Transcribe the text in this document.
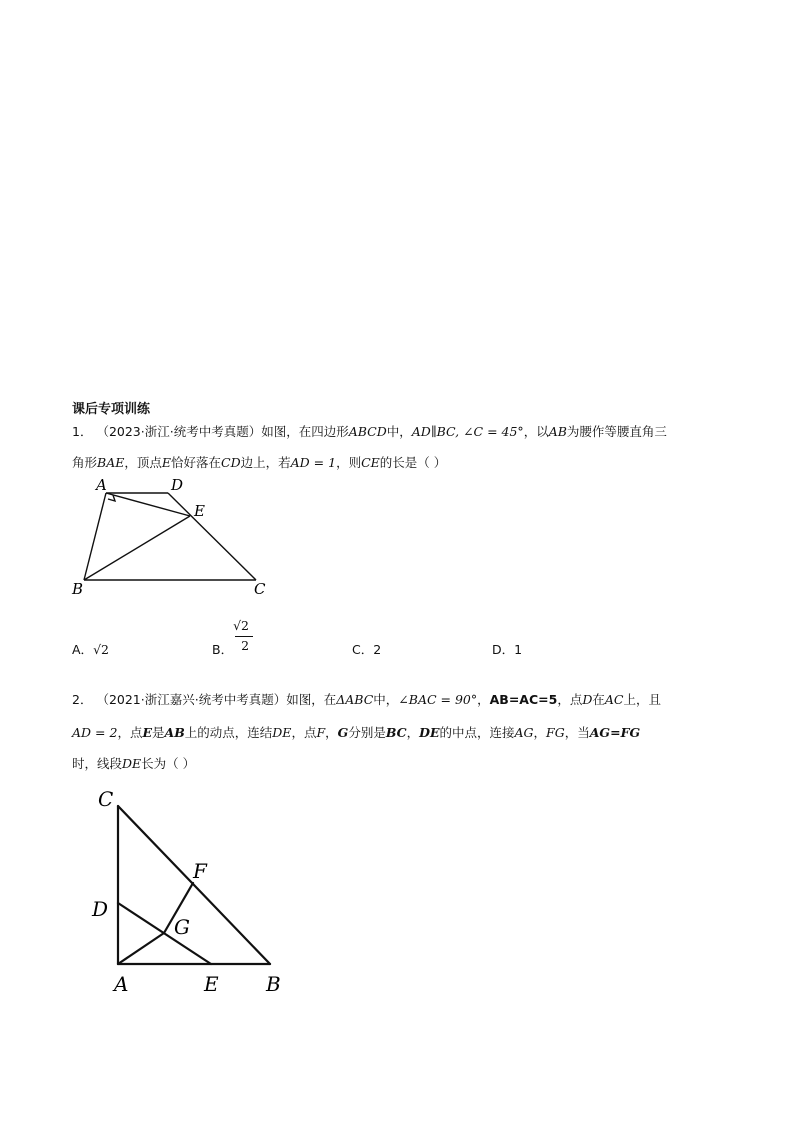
课后专项训练
1． （2023·浙江·统考中考真题）如图，在四边形ABCD中，AD∥BC, ∠C = 45°，以AB为腰作等腰直角三
角形BAE，顶点E恰好落在CD边上，若AD = 1，则CE的长是（ ）
A	D
E
B	C
A．√2	B． $\frac{√2}{2}$	C．2	D．1
2． （2021·浙江嘉兴·统考中考真题）如图，在ΔABC中，∠BAC = 90°，AB=AC=5，点D在AC上，且
AD = 2，点E是AB上的动点，连结DE，点F，G分别是BC，DE的中点，连接AG，FG，当AG=FG
时，线段DE长为（ ）
C
F
D
G
A	E B
